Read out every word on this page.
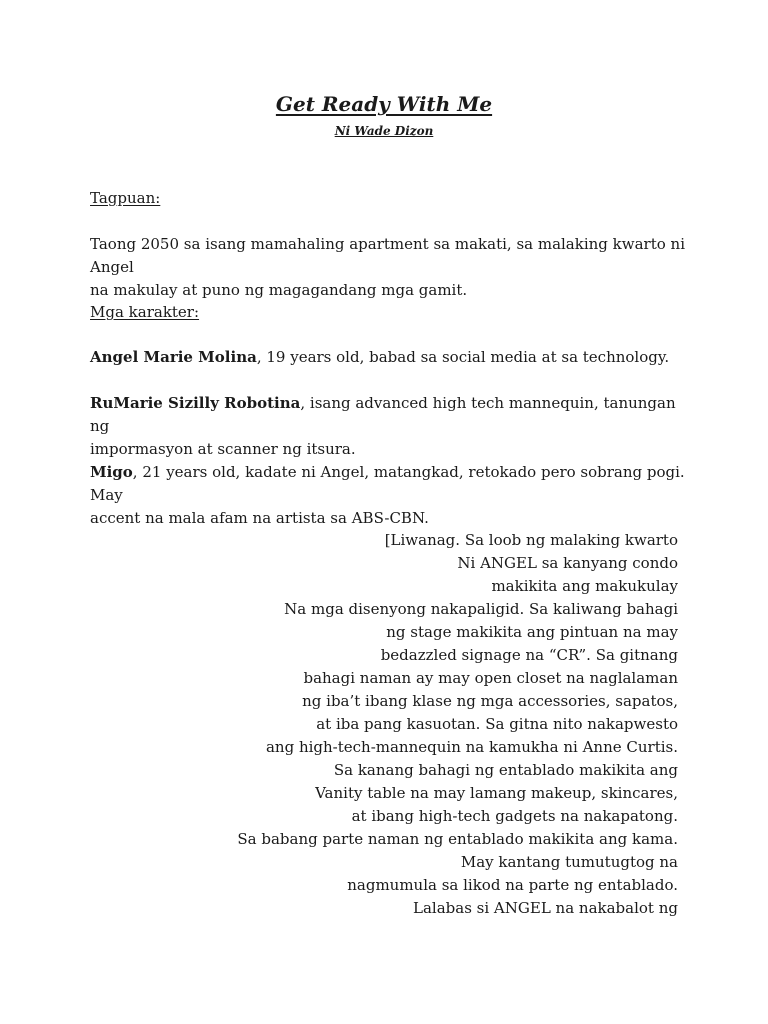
Get Ready With Me

Ni Wade Dizon

Tagpuan:

Taong 2050 sa isang mamahaling apartment sa makati, sa malaking kwarto ni Angel
na makulay at puno ng magagandang mga gamit.

Mga karakter:

Angel Marie Molina, 19 years old, babad sa social media at sa technology.

RuMarie Sizilly Robotina, isang advanced high tech mannequin, tanungan ng
impormasyon at scanner ng itsura.

Migo, 21 years old, kadate ni Angel, matangkad, retokado pero sobrang pogi. May
accent na mala afam na artista sa ABS-CBN.

[Liwanag. Sa loob ng malaking kwarto
Ni ANGEL sa kanyang condo
makikita ang makukulay
Na mga disenyong nakapaligid. Sa kaliwang bahagi
ng stage makikita ang pintuan na may
bedazzled signage na “CR”. Sa gitnang
bahagi naman ay may open closet na naglalaman
ng iba’t ibang klase ng mga accessories, sapatos,
at iba pang kasuotan. Sa gitna nito nakapwesto
ang high-tech-mannequin na kamukha ni Anne Curtis.
Sa kanang bahagi ng entablado makikita ang
Vanity table na may lamang makeup, skincares,
at ibang high-tech gadgets na nakapatong.
Sa babang parte naman ng entablado makikita ang kama.
May kantang tumutugtog na
nagmumula sa likod na parte ng entablado.
Lalabas si ANGEL na nakabalot ng
